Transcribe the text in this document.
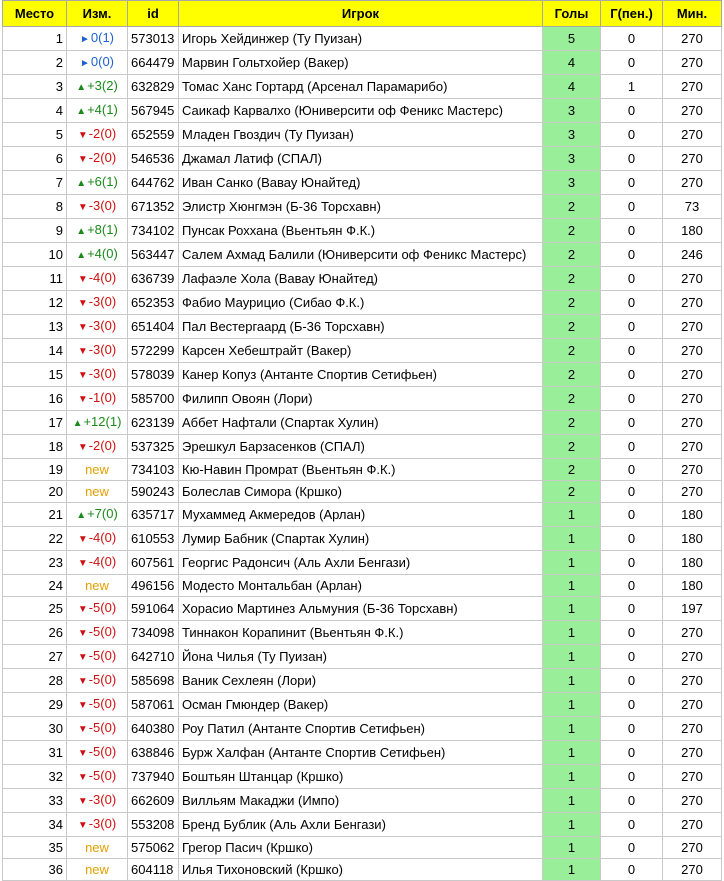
Место	Изм.	id	Игрок	Голы	Г(пен.)	Мин.
1	►0(1)	573013	Игорь Хейдинжер (Ту Пуизан)	5	0	270
2	►0(0)	664479	Марвин Гольтхойер (Вакер)	4	0	270
3	▲+3(2)	632829	Томас Ханс Гортард (Арсенал Парамарибо)	4	1	270
4	▲+4(1)	567945	Саикаф Карвалхо (Юниверсити оф Феникс Мастерс)	3	0	270
5	▼-2(0)	652559	Младен Гвоздич (Ту Пуизан)	3	0	270
6	▼-2(0)	546536	Джамал Латиф (СПАЛ)	3	0	270
7	▲+6(1)	644762	Иван Санко (Вавау Юнайтед)	3	0	270
8	▼-3(0)	671352	Элистр Хюнгмэн (Б-36 Торсхавн)	2	0	73
9	▲+8(1)	734102	Пунсак Роххана (Вьентьян Ф.К.)	2	0	180
10	▲+4(0)	563447	Салем Ахмад Балили (Юниверсити оф Феникс Мастерс)	2	0	246
11	▼-4(0)	636739	Лафаэле Хола (Вавау Юнайтед)	2	0	270
12	▼-3(0)	652353	Фабио Маурицио (Сибао Ф.К.)	2	0	270
13	▼-3(0)	651404	Пал Вестергаард (Б-36 Торсхавн)	2	0	270
14	▼-3(0)	572299	Карсен Хебештрайт (Вакер)	2	0	270
15	▼-3(0)	578039	Канер Копуз (Антанте Спортив Сетифьен)	2	0	270
16	▼-1(0)	585700	Филипп Овоян (Лори)	2	0	270
17	▲+12(1)	623139	Аббет Нафтали (Спартак Хулин)	2	0	270
18	▼-2(0)	537325	Эрешкул Барзасенков (СПАЛ)	2	0	270
19	new	734103	Кю-Навин Промрат (Вьентьян Ф.К.)	2	0	270
20	new	590243	Болеслав Симора (Кршко)	2	0	270
21	▲+7(0)	635717	Мухаммед Акмередов (Арлан)	1	0	180
22	▼-4(0)	610553	Лумир Бабник (Спартак Хулин)	1	0	180
23	▼-4(0)	607561	Георгис Радонсич (Аль Ахли Бенгази)	1	0	180
24	new	496156	Модесто Монтальбан (Арлан)	1	0	180
25	▼-5(0)	591064	Хорасио Мартинез Альмуния (Б-36 Торсхавн)	1	0	197
26	▼-5(0)	734098	Тиннакон Корапинит (Вьентьян Ф.К.)	1	0	270
27	▼-5(0)	642710	Йона Чилья (Ту Пуизан)	1	0	270
28	▼-5(0)	585698	Ваник Сехлеян (Лори)	1	0	270
29	▼-5(0)	587061	Осман Гмюндер (Вакер)	1	0	270
30	▼-5(0)	640380	Роу Патил (Антанте Спортив Сетифьен)	1	0	270
31	▼-5(0)	638846	Бурж Халфан (Антанте Спортив Сетифьен)	1	0	270
32	▼-5(0)	737940	Боштьян Штанцар (Кршко)	1	0	270
33	▼-3(0)	662609	Вилльям Макаджи (Импо)	1	0	270
34	▼-3(0)	553208	Бренд Бублик (Аль Ахли Бенгази)	1	0	270
35	new	575062	Грегор Пасич (Кршко)	1	0	270
36	new	604118	Илья Тихоновский (Кршко)	1	0	270
